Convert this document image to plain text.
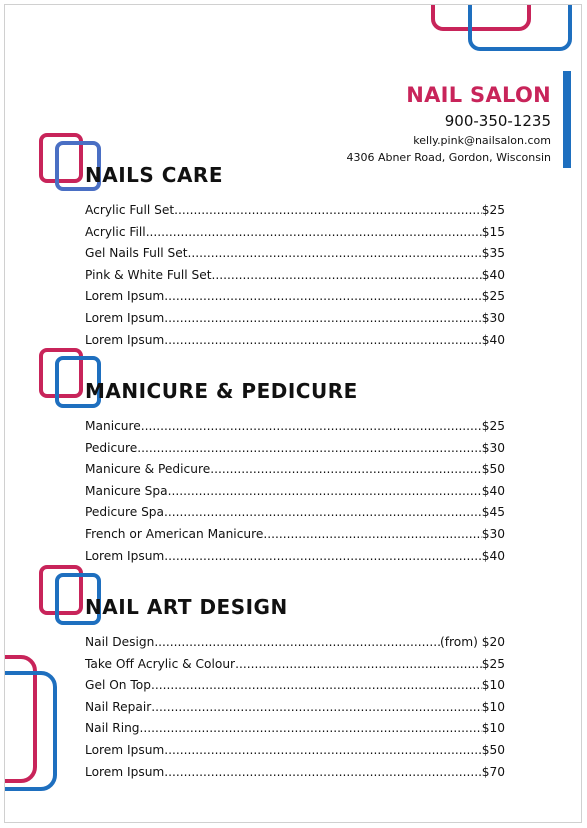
NAIL SALON
900-350-1235
kelly.pink@nailsalon.com
4306 Abner Road, Gordon, Wisconsin
NAILS CARE
Acrylic Full Set .....	$25
Acrylic Fill .....	$15
Gel Nails Full Set .....	$35
Pink & White Full Set .....	$40
Lorem Ipsum .....	$25
Lorem Ipsum .....	$30
Lorem Ipsum .....	$40
MANICURE & PEDICURE
Manicure .....	$25
Pedicure .....	$30
Manicure & Pedicure .....	$50
Manicure Spa .....	$40
Pedicure Spa .....	$45
French or American Manicure .....	$30
Lorem Ipsum .....	$40
NAIL ART DESIGN
Nail Design .....	(from) $20
Take Off Acrylic & Colour .....	$25
Gel On Top .....	$10
Nail Repair .....	$10
Nail Ring .....	$10
Lorem Ipsum .....	$50
Lorem Ipsum .....	$70
